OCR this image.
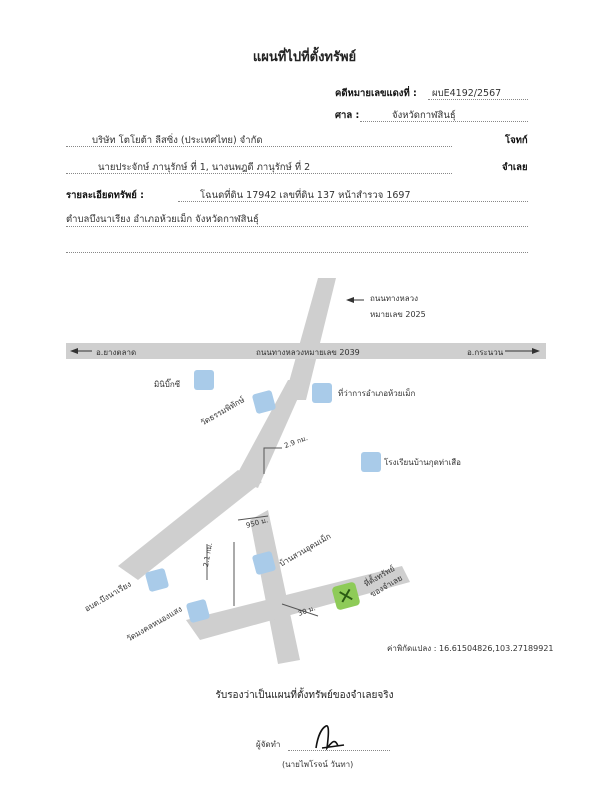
แผนที่ไปที่ตั้งทรัพย์
คดีหมายเลขแดงที่ : ผบE4192/2567
ศาล :	จังหวัดกาฬสินธุ์
บริษัท โตโยต้า ลีสซิ่ง (ประเทศไทย) จำกัด	โจทก์
นายประจักษ์ ภานุรักษ์ ที่ 1, นางนพฎดี ภานุรักษ์ ที่ 2	จำเลย
รายละเอียดทรัพย์ :	โฉนดที่ดิน 17942 เลขที่ดิน 137 หน้าสำรวจ 1697
ตำบลบึงนาเรียง อำเภอห้วยเม็ก จังหวัดกาฬสินธุ์
✕
ถนนทางหลวง
หมายเลข 2025
ถนนทางหลวงหมายเลข 2039
อ.ยางตลาด	อ.กระนวน
มินิบิ๊กซี
วัดธรรมพิทักษ์
ที่ว่าการอำเภอห้วยเม็ก
โรงเรียนบ้านกุดท่าเสือ
บ้านสวนอุดมเม็ก
อบต.บึงนาเรียง
วัดมงคลหนองแสง
ที่ตั้งทรัพย์
ของจำเลย
2.9 กม.
950 ม.
2.1 กม.
30 ม.
ค่าพิกัดแปลง : 16.61504826,103.27189921
รับรองว่าเป็นแผนที่ตั้งทรัพย์ของจำเลยจริง
ผู้จัดทำ
(นายไพโรจน์ วันทา)
